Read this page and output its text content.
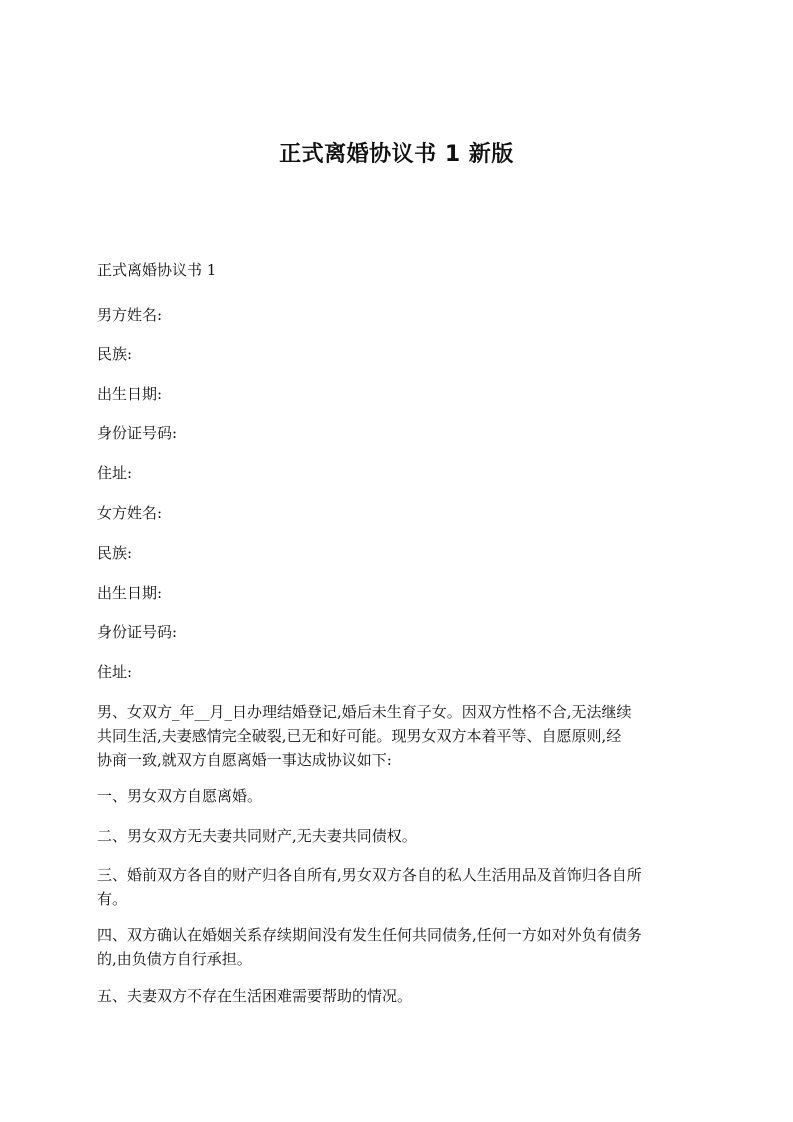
正式离婚协议书 1 新版

正式离婚协议书 1

男方姓名:

民族:

出生日期:

身份证号码:

住址:

女方姓名:

民族:

出生日期:

身份证号码:

住址:

男、女双方_年__月_日办理结婚登记,婚后未生育子女。因双方性格不合,无法继续

共同生活,夫妻感情完全破裂,已无和好可能。现男女双方本着平等、自愿原则,经

协商一致,就双方自愿离婚一事达成协议如下:

一、男女双方自愿离婚。

二、男女双方无夫妻共同财产,无夫妻共同债权。

三、婚前双方各自的财产归各自所有,男女双方各自的私人生活用品及首饰归各自所

有。

四、双方确认在婚姻关系存续期间没有发生任何共同债务,任何一方如对外负有债务

的,由负债方自行承担。

五、夫妻双方不存在生活困难需要帮助的情况。
